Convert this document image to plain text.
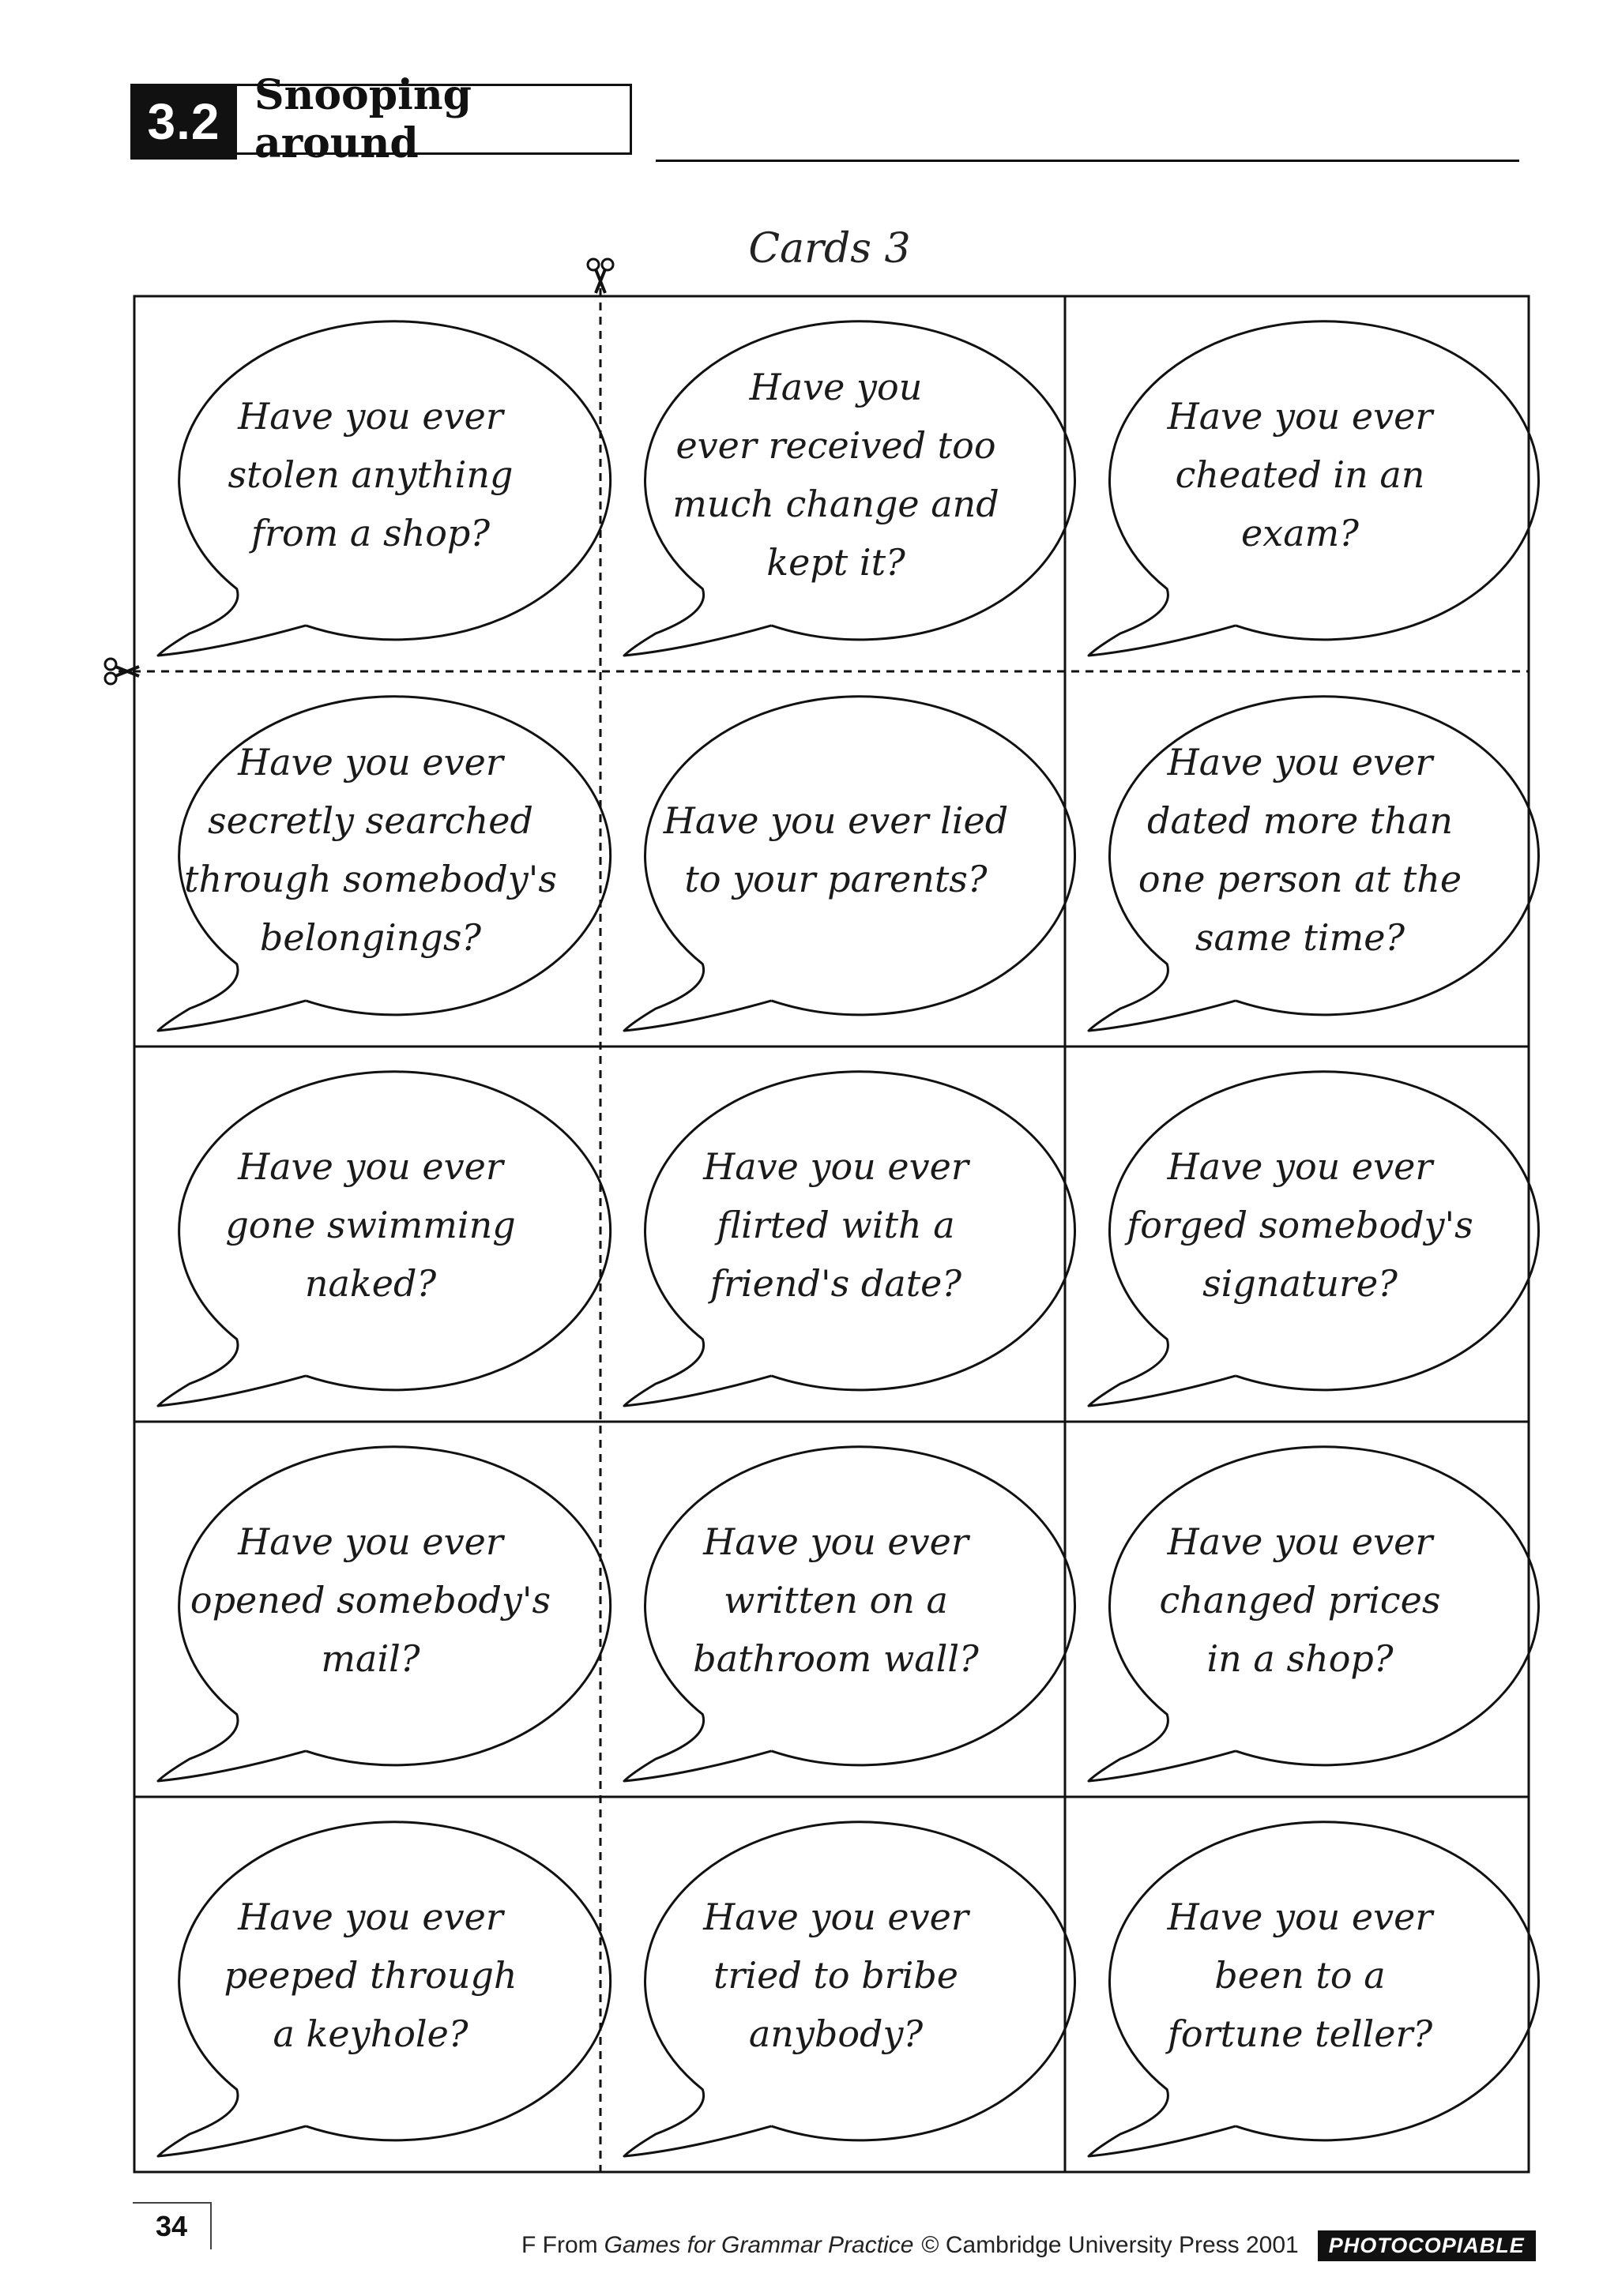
3.2 Snooping around
Cards 3
Have you ever
stolen anything
from a shop?
Have you
ever received too
much change and
kept it?
Have you ever
cheated in an
exam?
Have you ever
secretly searched
through somebody's
belongings?
Have you ever lied
to your parents?
Have you ever
dated more than
one person at the
same time?
Have you ever
gone swimming
naked?
Have you ever
flirted with a
friend's date?
Have you ever
forged somebody's
signature?
Have you ever
opened somebody's
mail?
Have you ever
written on a
bathroom wall?
Have you ever
changed prices
in a shop?
Have you ever
peeped through
a keyhole?
Have you ever
tried to bribe
anybody?
Have you ever
been to a
fortune teller?
34
F From Games for Grammar Practice © Cambridge University Press 2001	PHOTOCOPIABLE
